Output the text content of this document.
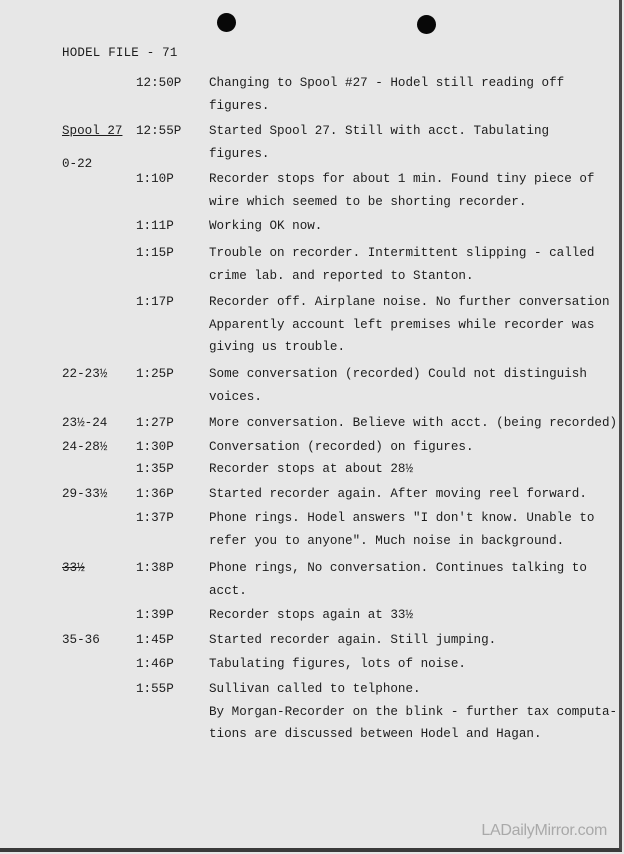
HODEL FILE - 71
12:50P Changing to Spool #27 - Hodel still reading off
figures.
Spool 27 12:55P Started Spool 27. Still with acct. Tabulating
figures.
0-22
1:10P	Recorder stops for about 1 min. Found tiny piece of
wire which seemed to be shorting recorder.
1:11P	Working OK now.
1:15P	Trouble on recorder. Intermittent slipping - called
crime lab. and reported to Stanton.
1:17P	Recorder off. Airplane noise. No further conversation
Apparently account left premises while recorder was
giving us trouble.
22-23½ 1:25P	Some conversation (recorded) Could not distinguish
voices.
23½-24 1:27P	More conversation. Believe with acct. (being recorded)
24-28½ 1:30P	Conversation (recorded) on figures.
1:35P	Recorder stops at about 28½
29-33½ 1:36P	Started recorder again. After moving reel forward.
1:37P	Phone rings. Hodel answers "I don't know. Unable to
refer you to anyone". Much noise in background.
33½	1:38P	Phone rings, No conversation. Continues talking to
acct.
1:39P	Recorder stops again at 33½
35-36	1:45P	Started recorder again. Still jumping.
1:46P	Tabulating figures, lots of noise.
1:55P	Sullivan called to telphone.
By Morgan-Recorder on the blink - further tax computa-
tions are discussed between Hodel and Hagan.
LADailyMirror.com
